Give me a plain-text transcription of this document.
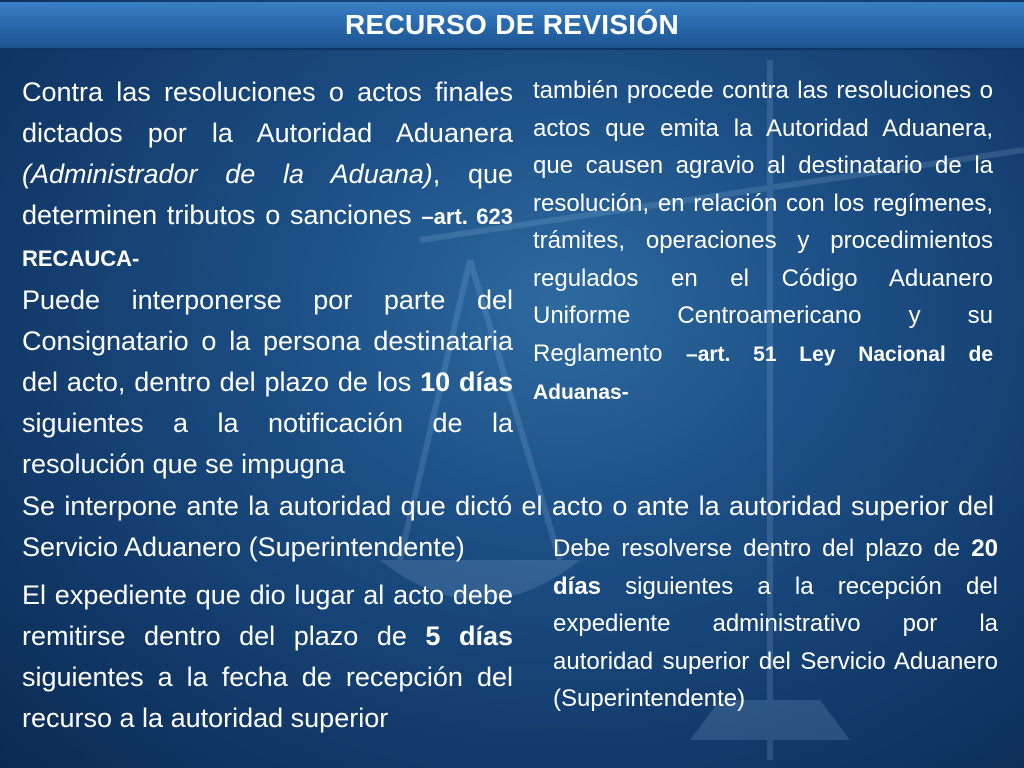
RECURSO DE REVISIÓN
Contra las resoluciones o actos finales dictados por la Autoridad Aduanera (Administrador de la Aduana), que determinen tributos o sanciones –art. 623 RECAUCA-
también procede contra las resoluciones o actos que emita la Autoridad Aduanera, que causen agravio al destinatario de la resolución, en relación con los regímenes, trámites, operaciones y procedimientos regulados en el Código Aduanero Uniforme Centroamericano y su Reglamento –art. 51 Ley Nacional de Aduanas-
Puede interponerse por parte del Consignatario o la persona destinataria del acto, dentro del plazo de los 10 días siguientes a la notificación de la resolución que se impugna
Se interpone ante la autoridad que dictó el acto o ante la autoridad superior del Servicio Aduanero (Superintendente)
El expediente que dio lugar al acto debe remitirse dentro del plazo de 5 días siguientes a la fecha de recepción del recurso a la autoridad superior
Debe resolverse dentro del plazo de 20 días siguientes a la recepción del expediente administrativo por la autoridad superior del Servicio Aduanero (Superintendente)
